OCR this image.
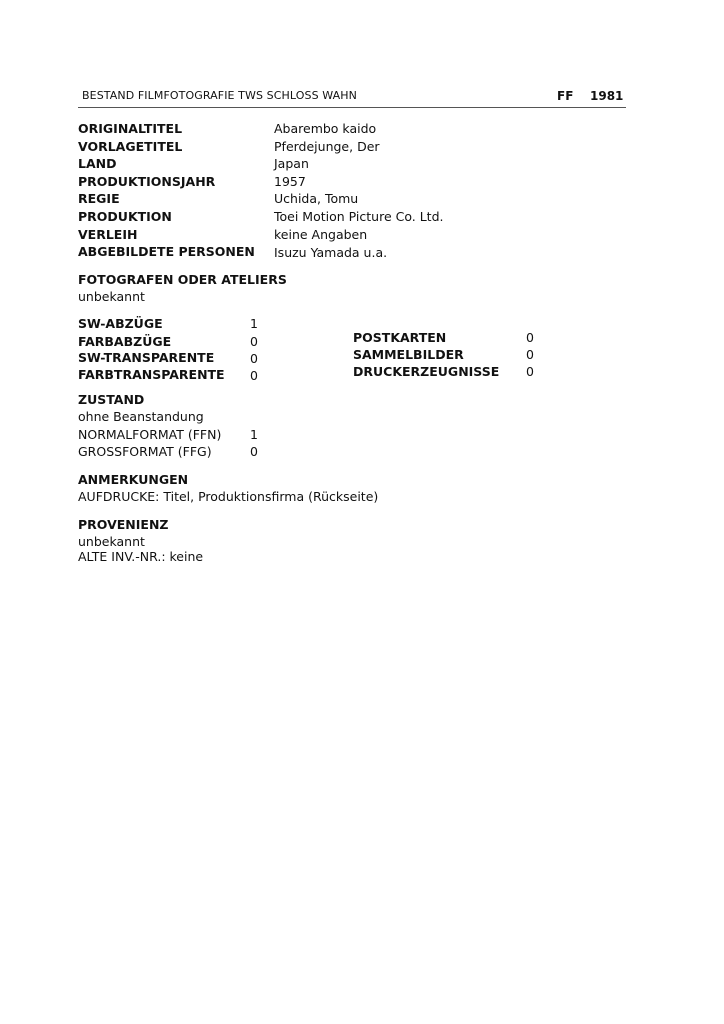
BESTAND FILMFOTOGRAFIE TWS SCHLOSS WAHN	FF 1981
ORIGINALTITEL	Abarembo kaido
VORLAGETITEL	Pferdejunge, Der
LAND	Japan
PRODUKTIONSJAHR	1957
REGIE	Uchida, Tomu
PRODUKTION	Toei Motion Picture Co. Ltd.
VERLEIH	keine Angaben
ABGEBILDETE PERSONEN Isuzu Yamada u.a.
FOTOGRAFEN ODER ATELIERS
unbekannt
SW-ABZÜGE	1
FARBABZÜGE	0
SW-TRANSPARENTE	0
FARBTRANSPARENTE 0
POSTKARTEN	0
SAMMELBILDER	0
DRUCKERZEUGNISSE 0
ZUSTAND
ohne Beanstandung
NORMALFORMAT (FFN) 1
GROSSFORMAT (FFG)	0
ANMERKUNGEN
AUFDRUCKE: Titel, Produktionsfirma (Rückseite)
PROVENIENZ
unbekannt
ALTE INV.-NR.: keine
